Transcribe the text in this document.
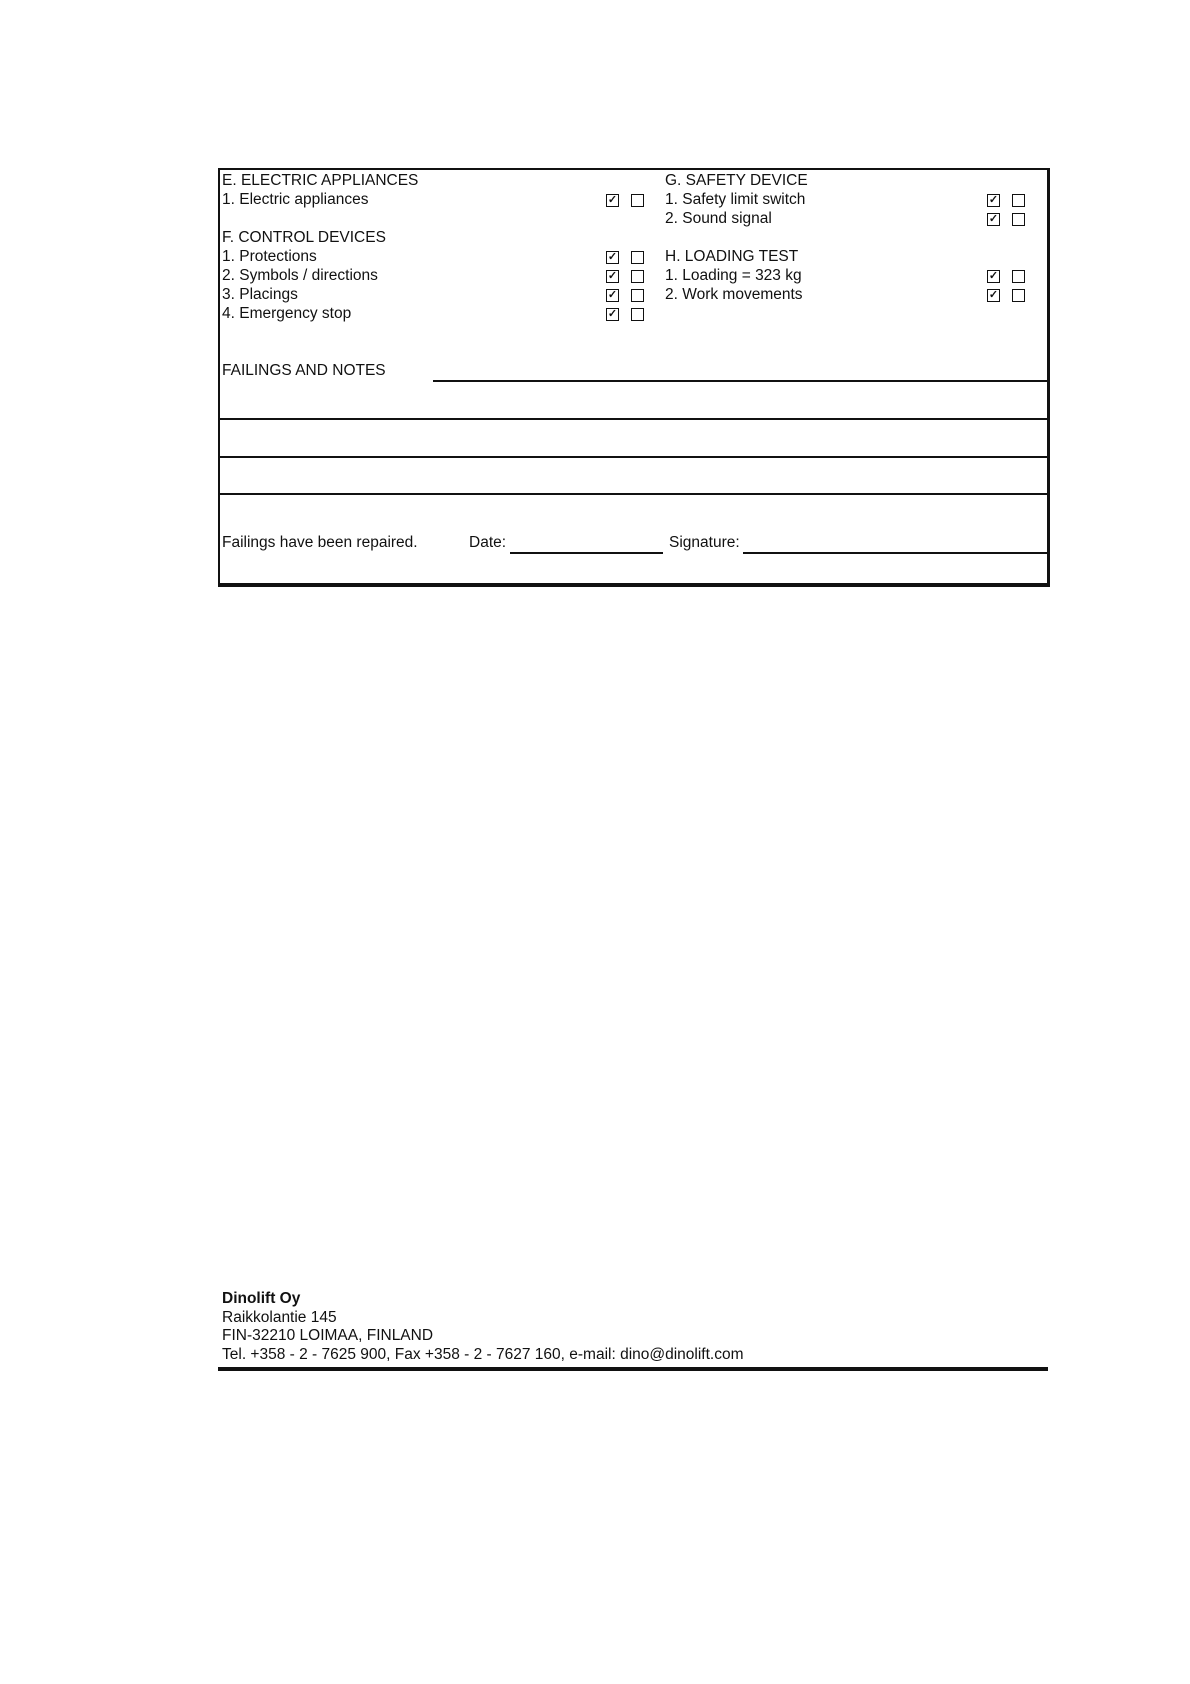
E. ELECTRIC APPLIANCES
1. Electric appliances	✓
F. CONTROL DEVICES
1. Protections	✓
2. Symbols / directions	✓
3. Placings	✓
4. Emergency stop	✓
G. SAFETY DEVICE
1. Safety limit switch	✓
2. Sound signal	✓
H. LOADING TEST
1. Loading = 323 kg	✓
2. Work movements	✓
FAILINGS AND NOTES
Failings have been repaired.	Date:	Signature:
Dinolift Oy
Raikkolantie 145
FIN-32210 LOIMAA, FINLAND
Tel. +358 - 2 - 7625 900, Fax +358 - 2 - 7627 160, e-mail: dino@dinolift.com
